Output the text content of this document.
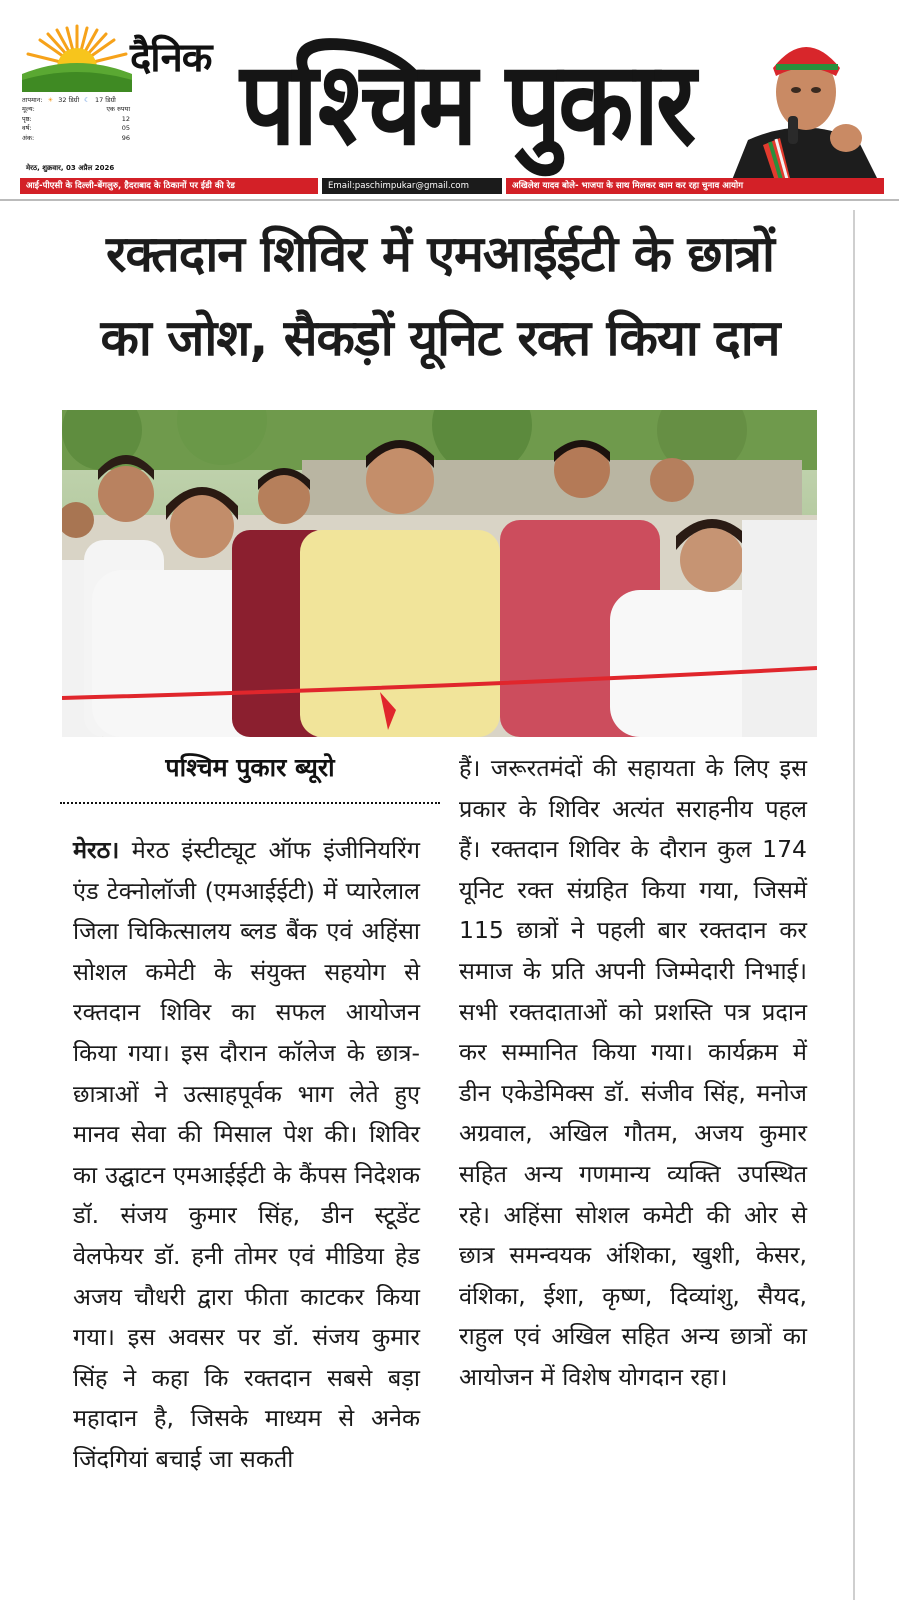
दैनिक पश्चिम पुकार
तापमान: ☀ 32 डिग्री ☾ 17 डिग्री
मूल्य:	एक रुपया
पृष्ठ:	12
वर्ष:	05
अंक:	96
मेरठ, शुक्रवार, 03 अप्रैल 2026
आई-पीएसी के दिल्ली-बेंगलुरु, हैदराबाद के ठिकानों पर ईडी की रेड	Email:paschimpukar@gmail.com	अखिलेश यादव बोले- भाजपा के साथ मिलकर काम कर रहा चुनाव आयोग
रक्तदान शिविर में एमआईईटी के छात्रों
का जोश, सैकड़ों यूनिट रक्त किया दान
पश्चिम पुकार ब्यूरो
मेरठ। मेरठ इंस्टीट्यूट ऑफ इंजीनियरिंग एंड टेक्नोलॉजी (एमआईईटी) में प्यारेलाल जिला चिकित्सालय ब्लड बैंक एवं अहिंसा सोशल कमेटी के संयुक्त सहयोग से रक्तदान शिविर का सफल आयोजन किया गया। इस दौरान कॉलेज के छात्र-छात्राओं ने उत्साहपूर्वक भाग लेते हुए मानव सेवा की मिसाल पेश की। शिविर का उद्घाटन एमआईईटी के कैंपस निदेशक डॉ. संजय कुमार सिंह, डीन स्टूडेंट वेलफेयर डॉ. हनी तोमर एवं मीडिया हेड अजय चौधरी द्वारा फीता काटकर किया गया। इस अवसर पर डॉ. संजय कुमार सिंह ने कहा कि रक्तदान सबसे बड़ा महादान है, जिसके माध्यम से अनेक जिंदगियां बचाई जा सकती
हैं। जरूरतमंदों की सहायता के लिए इस प्रकार के शिविर अत्यंत सराहनीय पहल हैं। रक्तदान शिविर के दौरान कुल 174 यूनिट रक्त संग्रहित किया गया, जिसमें 115 छात्रों ने पहली बार रक्तदान कर समाज के प्रति अपनी जिम्मेदारी निभाई। सभी रक्तदाताओं को प्रशस्ति पत्र प्रदान कर सम्मानित किया गया। कार्यक्रम में डीन एकेडेमिक्स डॉ. संजीव सिंह, मनोज अग्रवाल, अखिल गौतम, अजय कुमार सहित अन्य गणमान्य व्यक्ति उपस्थित रहे। अहिंसा सोशल कमेटी की ओर से छात्र समन्वयक अंशिका, खुशी, केसर, वंशिका, ईशा, कृष्ण, दिव्यांशु, सैयद, राहुल एवं अखिल सहित अन्य छात्रों का आयोजन में विशेष योगदान रहा।
